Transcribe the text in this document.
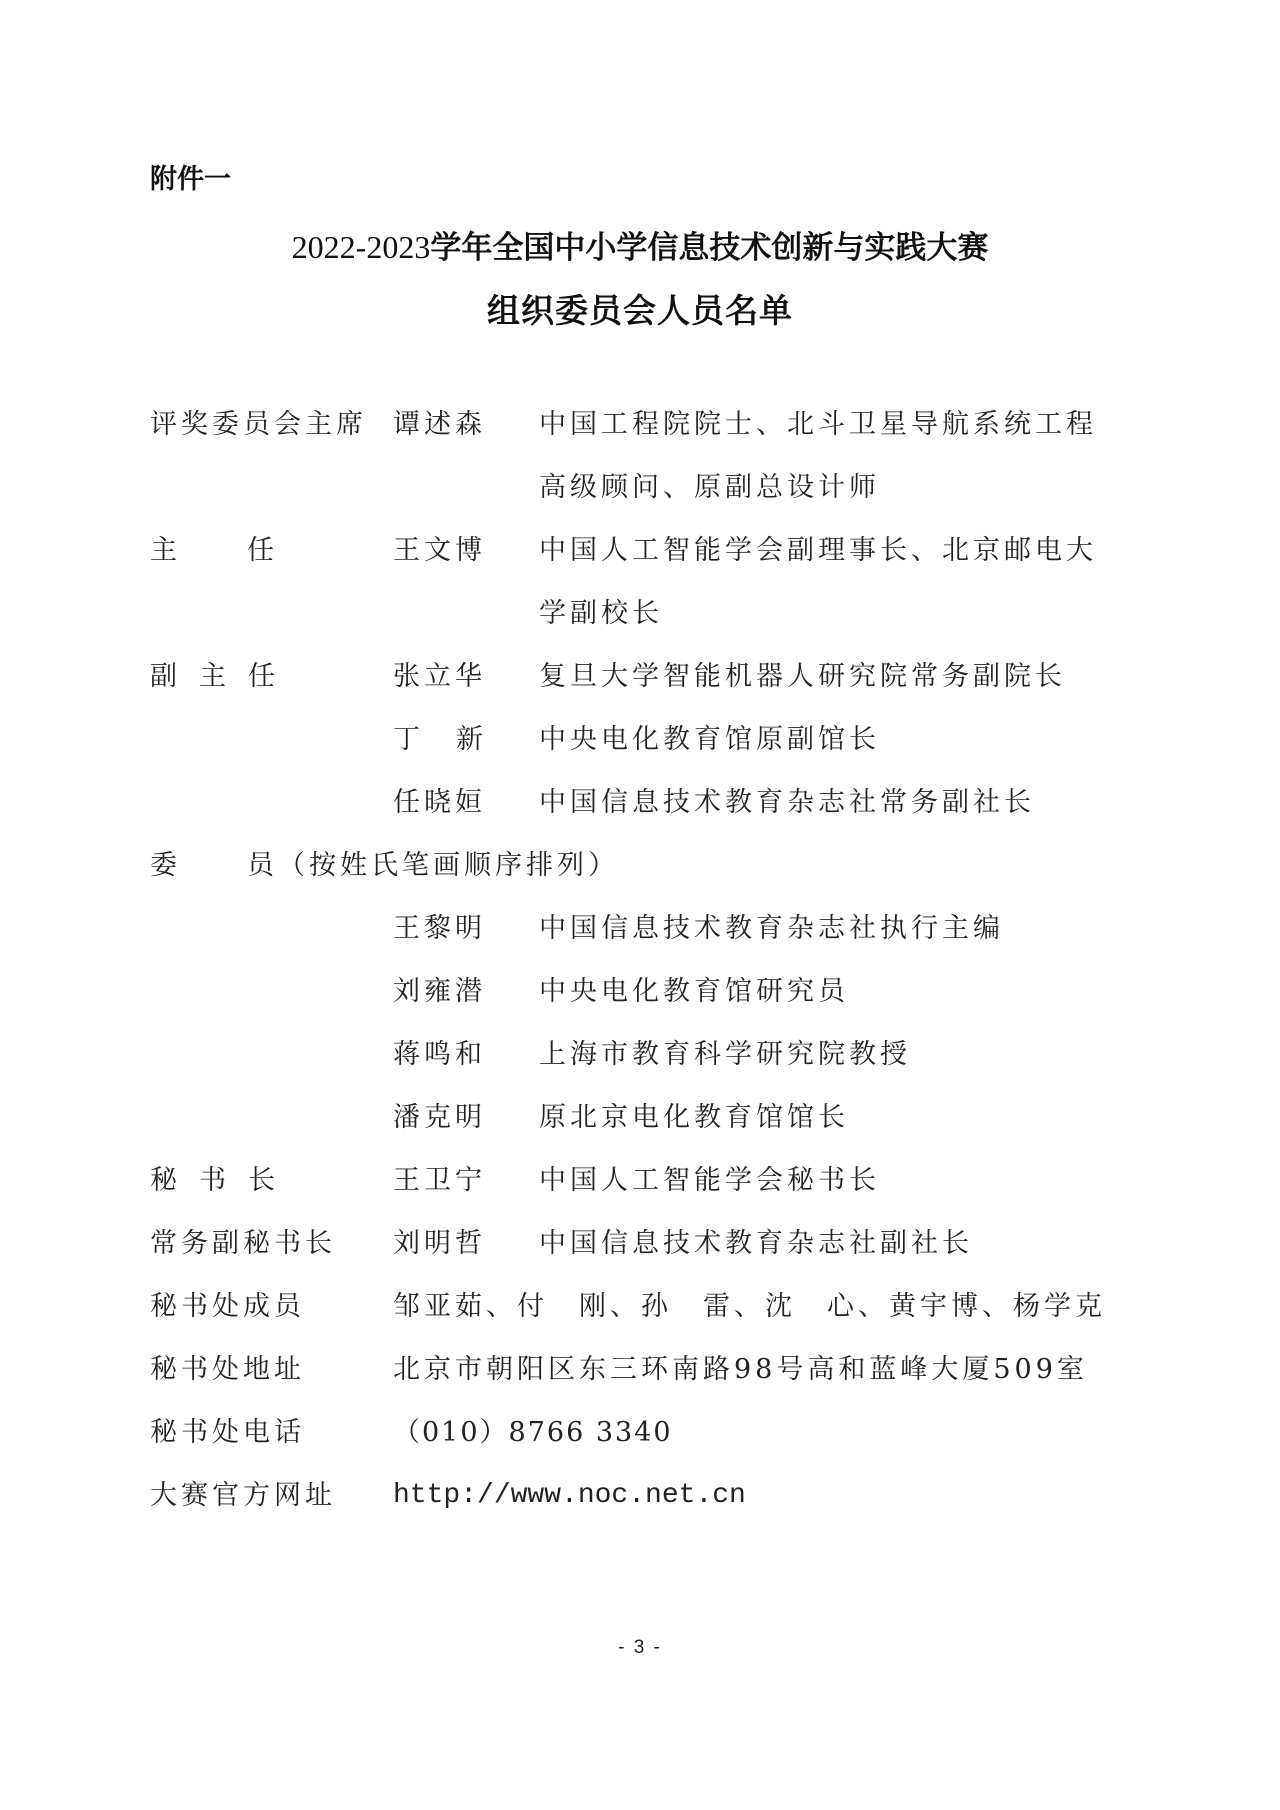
附件一
2022-2023学年全国中小学信息技术创新与实践大赛
组织委员会人员名单
评奖委员会主席 谭述森 中国工程院院士、北斗卫星导航系统工程
高级顾问、原副总设计师
主任 王文博 中国人工智能学会副理事长、北京邮电大
学副校长
副主任	张立华 复旦大学智能机器人研究院常务副院长
丁新 中央电化教育馆原副馆长
任晓姮 中国信息技术教育杂志社常务副社长
委员（按姓氏笔画顺序排列）
王黎明 中国信息技术教育杂志社执行主编
刘雍潜 中央电化教育馆研究员
蒋鸣和 上海市教育科学研究院教授
潘克明 原北京电化教育馆馆长
秘书长	王卫宁 中国人工智能学会秘书长
常务副秘书长 刘明哲 中国信息技术教育杂志社副社长
秘书处成员	邹亚茹、付　刚、孙　雷、沈　心、黄宇博、杨学克
秘书处地址	北京市朝阳区东三环南路98号高和蓝峰大厦509室
秘书处电话	（010）8766 3340
大赛官方网址 http://www.noc.net.cn
- 3 -
